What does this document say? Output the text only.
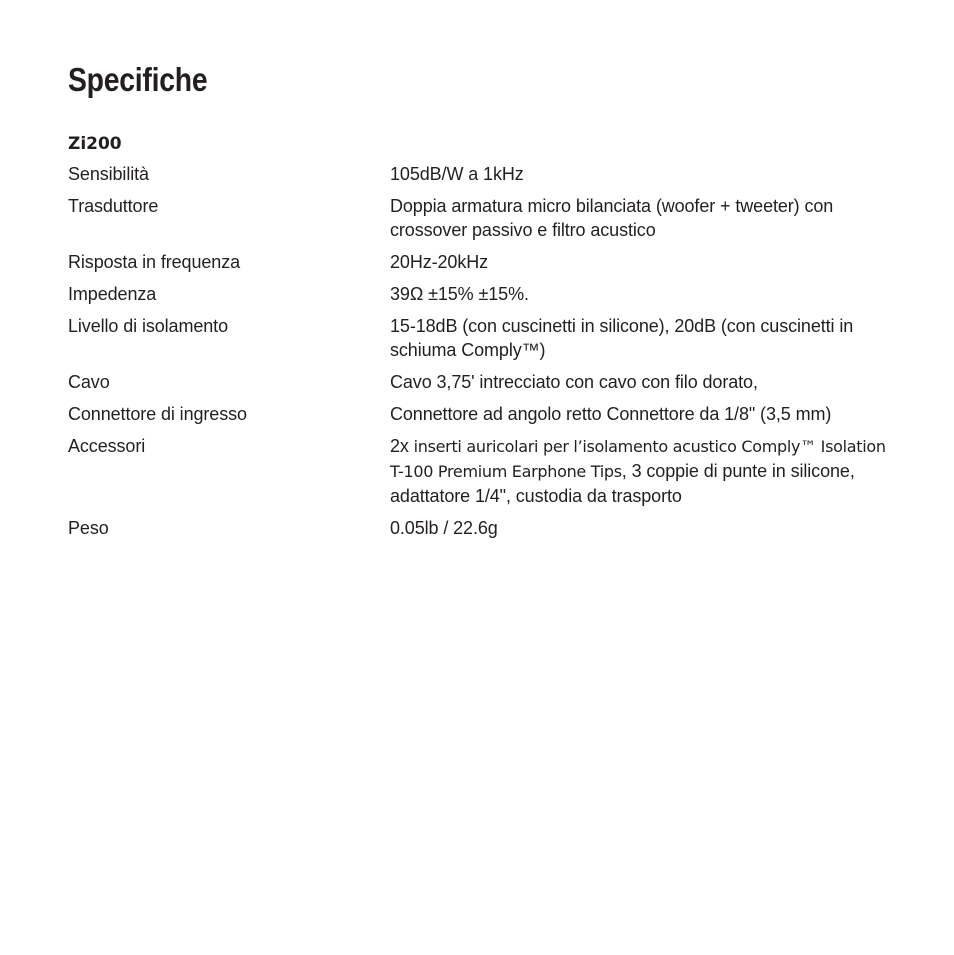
Specifiche
Zi200
Sensibilità	105dB/W a 1kHz
Trasduttore	Doppia armatura micro bilanciata (woofer + tweeter) con crossover passivo e filtro acustico
Risposta in frequenza	20Hz-20kHz
Impedenza	39Ω ±15% ±15%.
Livello di isolamento	15-18dB (con cuscinetti in silicone), 20dB (con cuscinetti in schiuma Comply™)
Cavo	Cavo 3,75' intrecciato con cavo con filo dorato,
Connettore di ingresso	Connettore ad angolo retto Connettore da 1/8" (3,5 mm)
Accessori	2x inserti auricolari per l’isolamento acustico Comply™ Isolation T-100 Premium Earphone Tips, 3 coppie di punte in silicone, adattatore 1/4", custodia da trasporto
Peso	0.05lb / 22.6g
